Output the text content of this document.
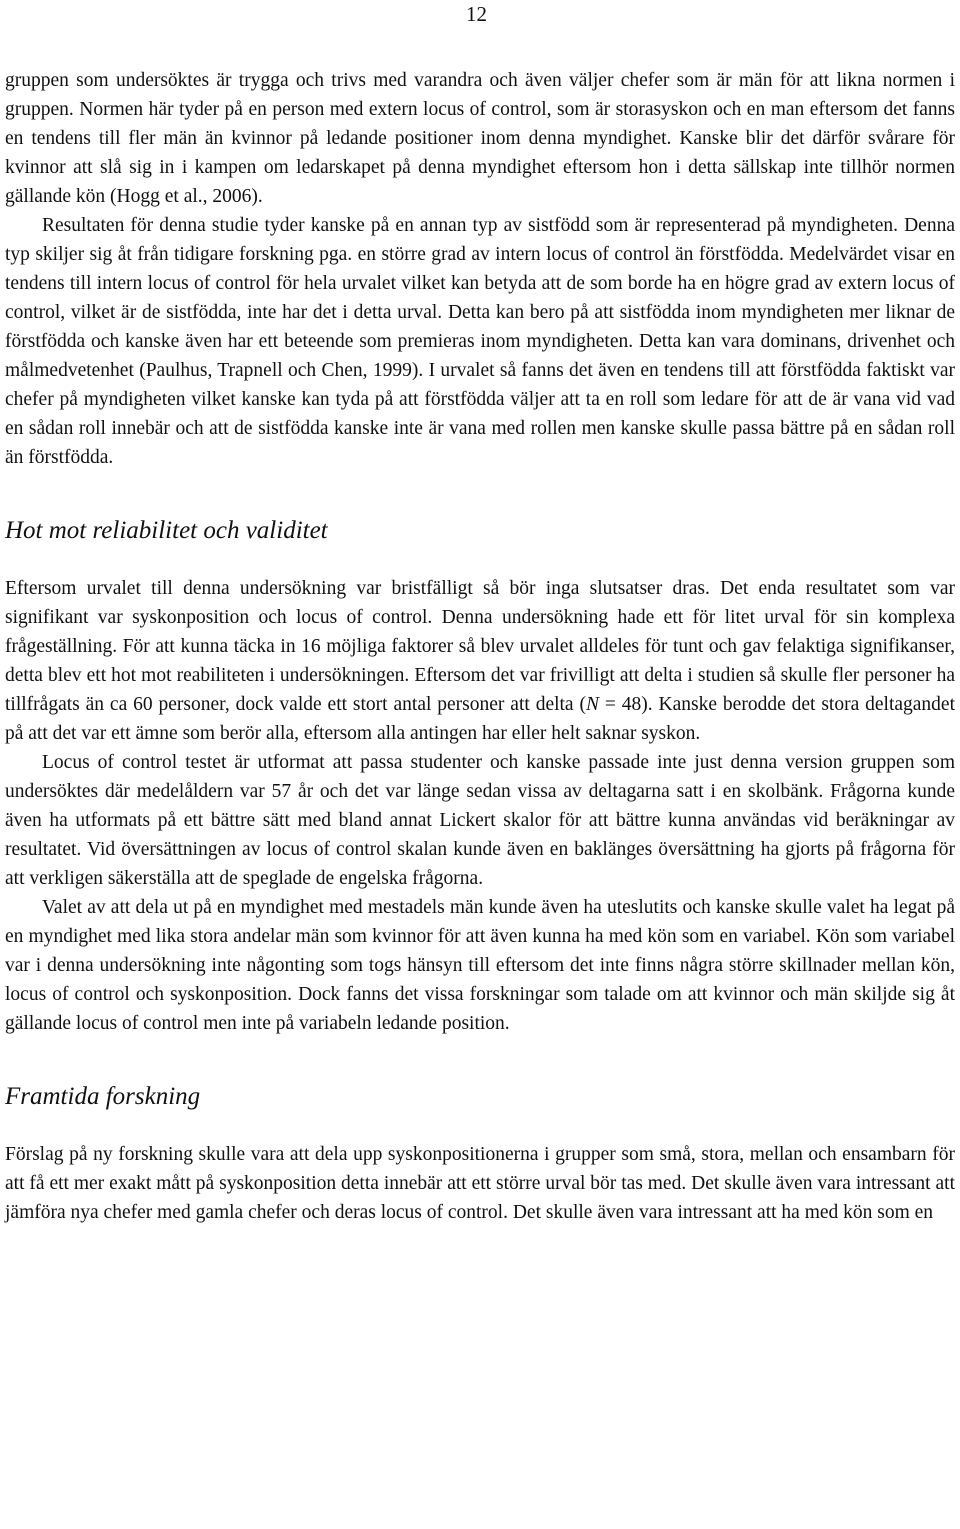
12

gruppen som undersöktes är trygga och trivs med varandra och även väljer chefer som är män för att likna normen i gruppen. Normen här tyder på en person med extern locus of control, som är storasyskon och en man eftersom det fanns en tendens till fler män än kvinnor på ledande positioner inom denna myndighet. Kanske blir det därför svårare för kvinnor att slå sig in i kampen om ledarskapet på denna myndighet eftersom hon i detta sällskap inte tillhör normen gällande kön (Hogg et al., 2006).

Resultaten för denna studie tyder kanske på en annan typ av sistfödd som är representerad på myndigheten. Denna typ skiljer sig åt från tidigare forskning pga. en större grad av intern locus of control än förstfödda. Medelvärdet visar en tendens till intern locus of control för hela urvalet vilket kan betyda att de som borde ha en högre grad av extern locus of control, vilket är de sistfödda, inte har det i detta urval. Detta kan bero på att sistfödda inom myndigheten mer liknar de förstfödda och kanske även har ett beteende som premieras inom myndigheten. Detta kan vara dominans, drivenhet och målmedvetenhet (Paulhus, Trapnell och Chen, 1999). I urvalet så fanns det även en tendens till att förstfödda faktiskt var chefer på myndigheten vilket kanske kan tyda på att förstfödda väljer att ta en roll som ledare för att de är vana vid vad en sådan roll innebär och att de sistfödda kanske inte är vana med rollen men kanske skulle passa bättre på en sådan roll än förstfödda.

Hot mot reliabilitet och validitet

Eftersom urvalet till denna undersökning var bristfälligt så bör inga slutsatser dras. Det enda resultatet som var signifikant var syskonposition och locus of control. Denna undersökning hade ett för litet urval för sin komplexa frågeställning. För att kunna täcka in 16 möjliga faktorer så blev urvalet alldeles för tunt och gav felaktiga signifikanser, detta blev ett hot mot reabiliteten i undersökningen. Eftersom det var frivilligt att delta i studien så skulle fler personer ha tillfrågats än ca 60 personer, dock valde ett stort antal personer att delta (N = 48). Kanske berodde det stora deltagandet på att det var ett ämne som berör alla, eftersom alla antingen har eller helt saknar syskon.

Locus of control testet är utformat att passa studenter och kanske passade inte just denna version gruppen som undersöktes där medelåldern var 57 år och det var länge sedan vissa av deltagarna satt i en skolbänk. Frågorna kunde även ha utformats på ett bättre sätt med bland annat Lickert skalor för att bättre kunna användas vid beräkningar av resultatet. Vid översättningen av locus of control skalan kunde även en baklänges översättning ha gjorts på frågorna för att verkligen säkerställa att de speglade de engelska frågorna.

Valet av att dela ut på en myndighet med mestadels män kunde även ha uteslutits och kanske skulle valet ha legat på en myndighet med lika stora andelar män som kvinnor för att även kunna ha med kön som en variabel. Kön som variabel var i denna undersökning inte någonting som togs hänsyn till eftersom det inte finns några större skillnader mellan kön, locus of control och syskonposition. Dock fanns det vissa forskningar som talade om att kvinnor och män skiljde sig åt gällande locus of control men inte på variabeln ledande position.

Framtida forskning

Förslag på ny forskning skulle vara att dela upp syskonpositionerna i grupper som små, stora, mellan och ensambarn för att få ett mer exakt mått på syskonposition detta innebär att ett större urval bör tas med. Det skulle även vara intressant att jämföra nya chefer med gamla chefer och deras locus of control. Det skulle även vara intressant att ha med kön som en
